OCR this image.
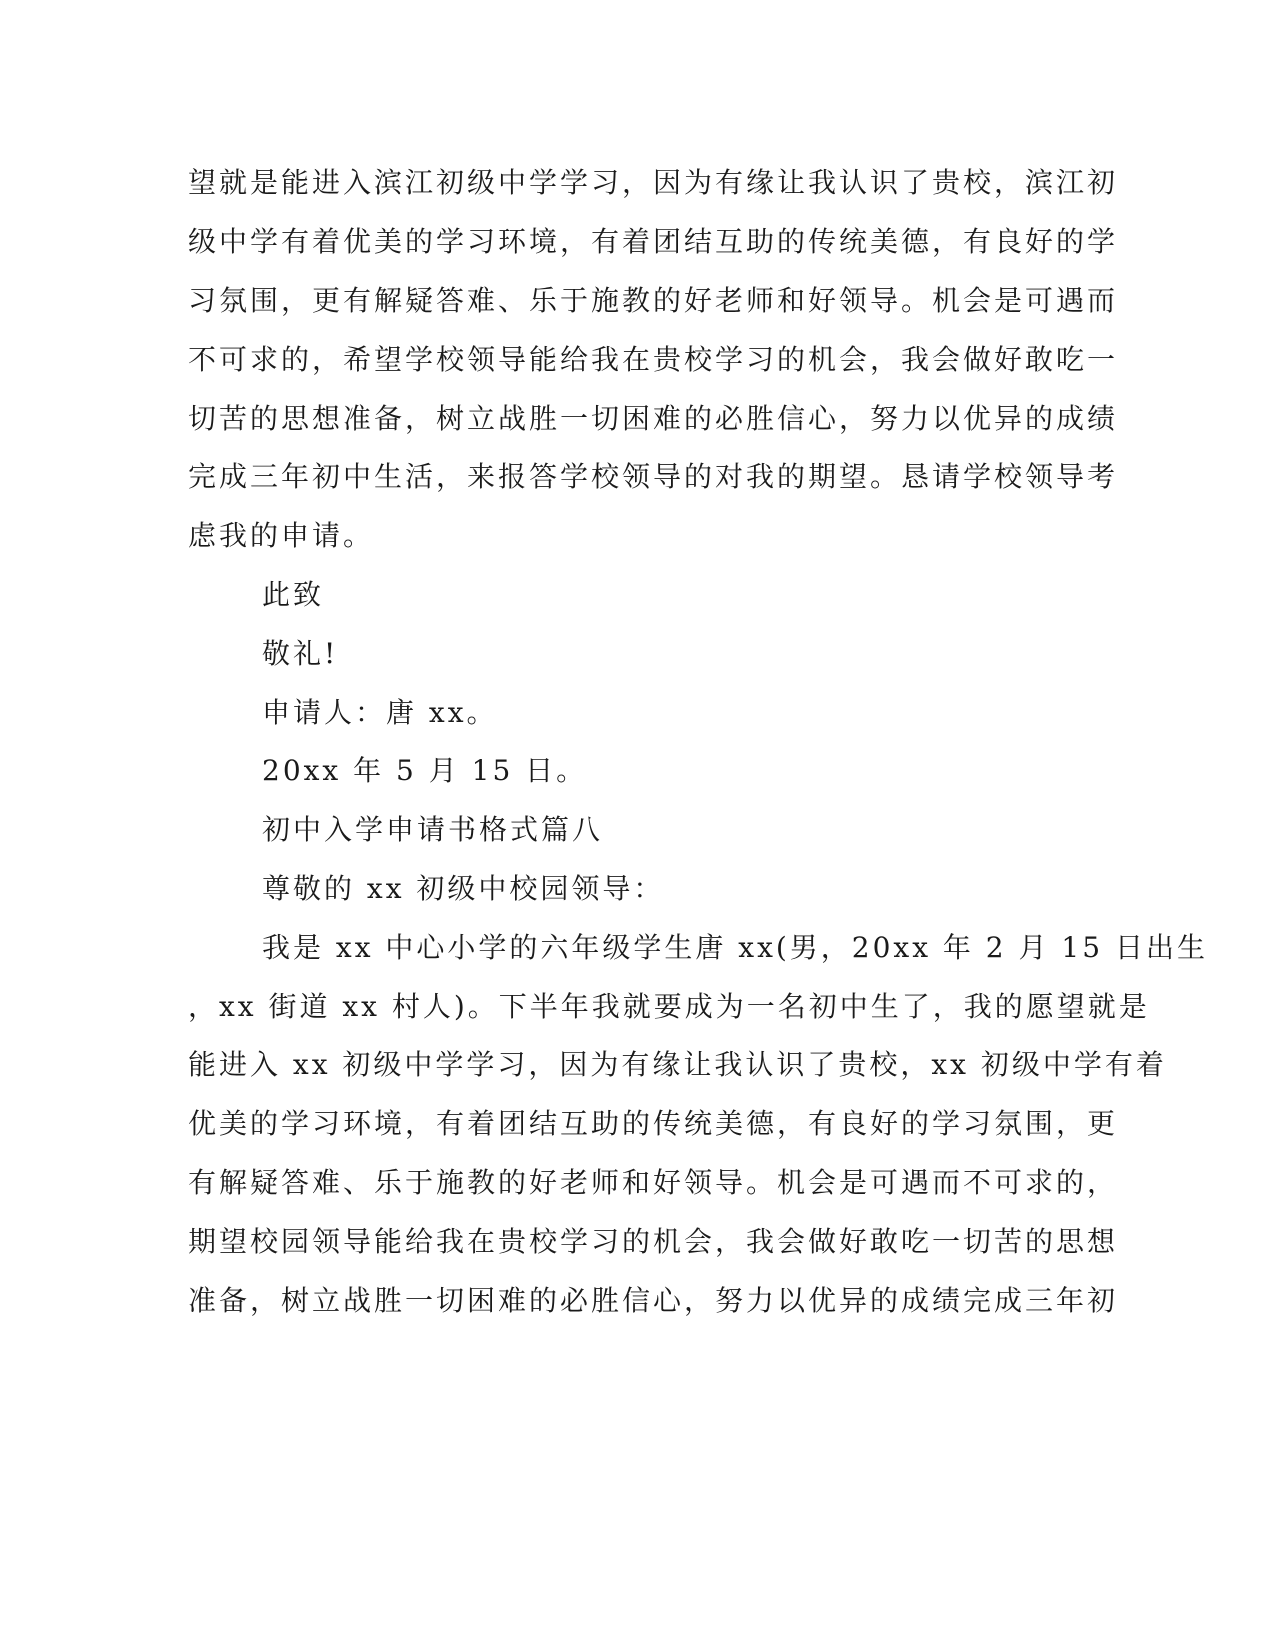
望就是能进入滨江初级中学学习，因为有缘让我认识了贵校，滨江初
级中学有着优美的学习环境，有着团结互助的传统美德，有良好的学
习氛围，更有解疑答难、乐于施教的好老师和好领导。机会是可遇而
不可求的，希望学校领导能给我在贵校学习的机会，我会做好敢吃一
切苦的思想准备，树立战胜一切困难的必胜信心，努力以优异的成绩
完成三年初中生活，来报答学校领导的对我的期望。恳请学校领导考
虑我的申请。
此致
敬礼!
申请人：唐 xx。
20xx 年 5 月 15 日。
初中入学申请书格式篇八
尊敬的 xx 初级中校园领导：
我是 xx 中心小学的六年级学生唐 xx(男，20xx 年 2 月 15 日出生
，xx 街道 xx 村人)。下半年我就要成为一名初中生了，我的愿望就是
能进入 xx 初级中学学习，因为有缘让我认识了贵校，xx 初级中学有着
优美的学习环境，有着团结互助的传统美德，有良好的学习氛围，更
有解疑答难、乐于施教的好老师和好领导。机会是可遇而不可求的，
期望校园领导能给我在贵校学习的机会，我会做好敢吃一切苦的思想
准备，树立战胜一切困难的必胜信心，努力以优异的成绩完成三年初
